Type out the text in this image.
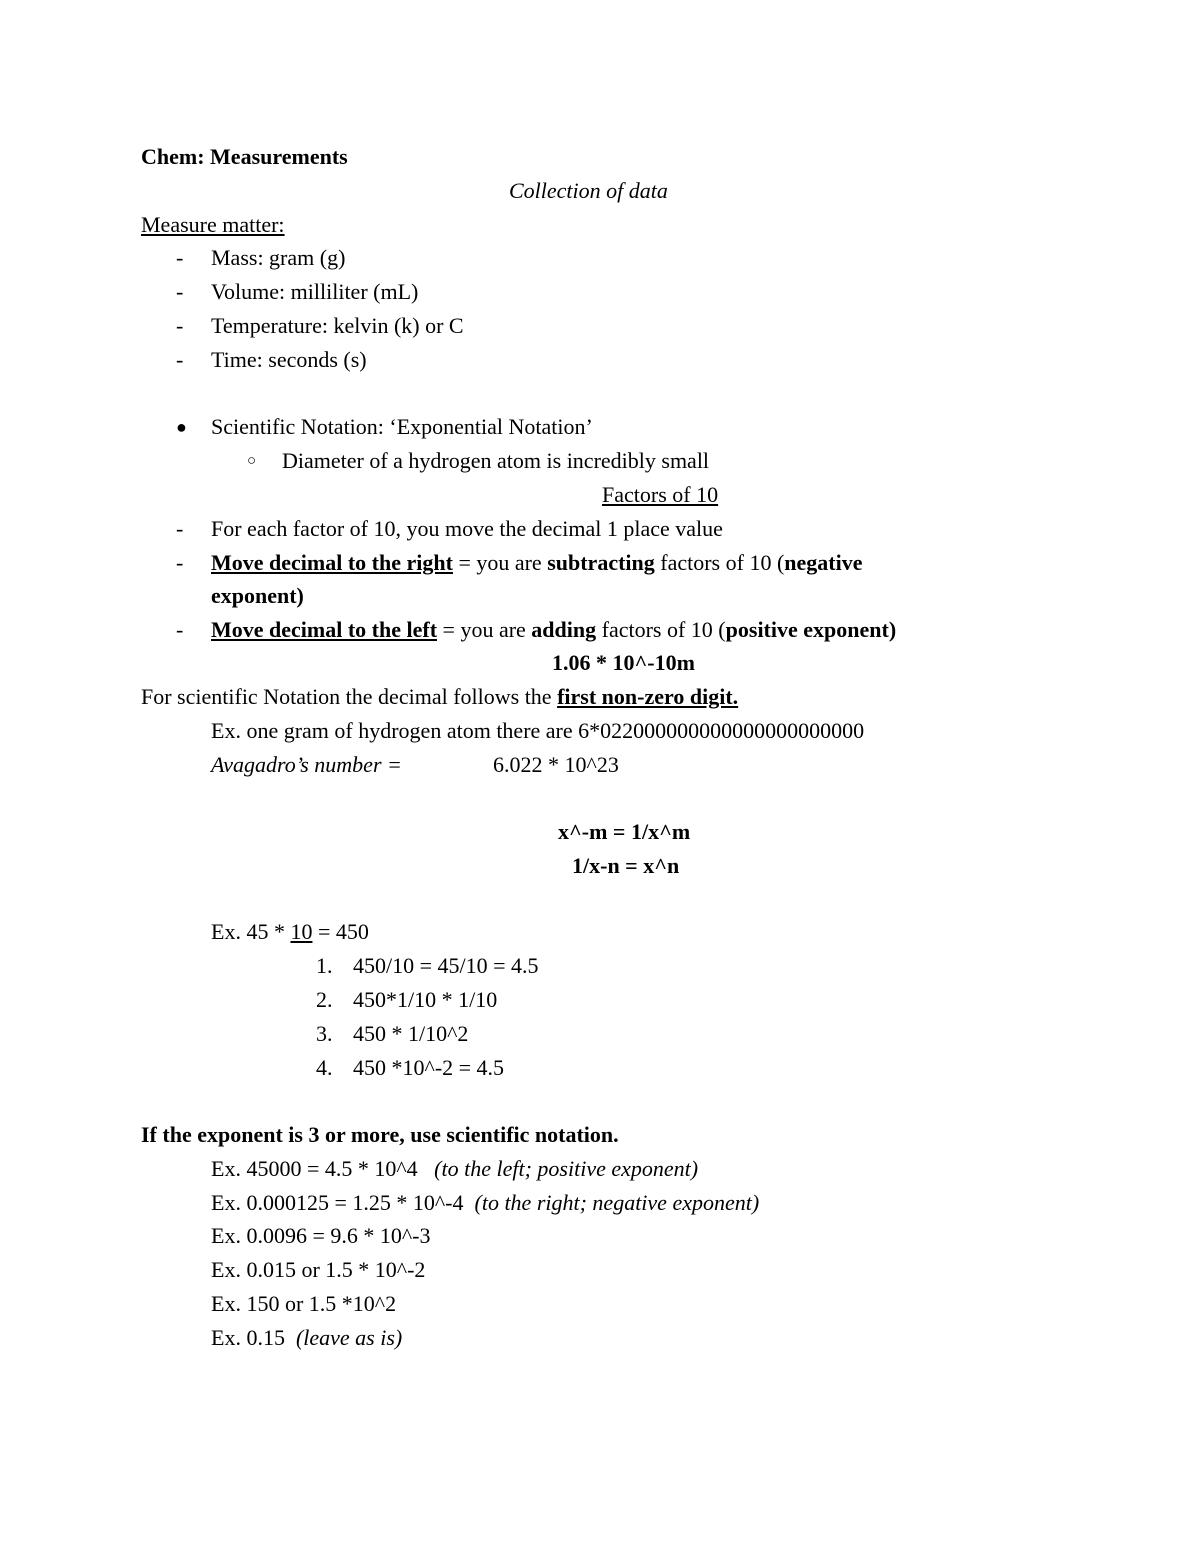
Chem: Measurements
Collection of data
Measure matter:
- Mass: gram (g)
- Volume: milliliter (mL)
- Temperature: kelvin (k) or C
- Time: seconds (s)
● Scientific Notation: ‘Exponential Notation’
○ Diameter of a hydrogen atom is incredibly small
Factors of 10
- For each factor of 10, you move the decimal 1 place value
- Move decimal to the right = you are subtracting factors of 10 (negative
exponent)
- Move decimal to the left = you are adding factors of 10 (positive exponent)
1.06 * 10^-10m
For scientific Notation the decimal follows the first non-zero digit.
Ex. one gram of hydrogen atom there are 6*022000000000000000000000
Avagadro’s number =	6.022 * 10^23
x^-m = 1/x^m
1/x-n = x^n
Ex. 45 * 10 = 450
1. 450/10 = 45/10 = 4.5
2. 450*1/10 * 1/10
3. 450 * 1/10^2
4. 450 *10^-2 = 4.5
If the exponent is 3 or more, use scientific notation.
Ex. 45000 = 4.5 * 10^4 (to the left; positive exponent)
Ex. 0.000125 = 1.25 * 10^-4 (to the right; negative exponent)
Ex. 0.0096 = 9.6 * 10^-3
Ex. 0.015 or 1.5 * 10^-2
Ex. 150 or 1.5 *10^2
Ex. 0.15 (leave as is)
